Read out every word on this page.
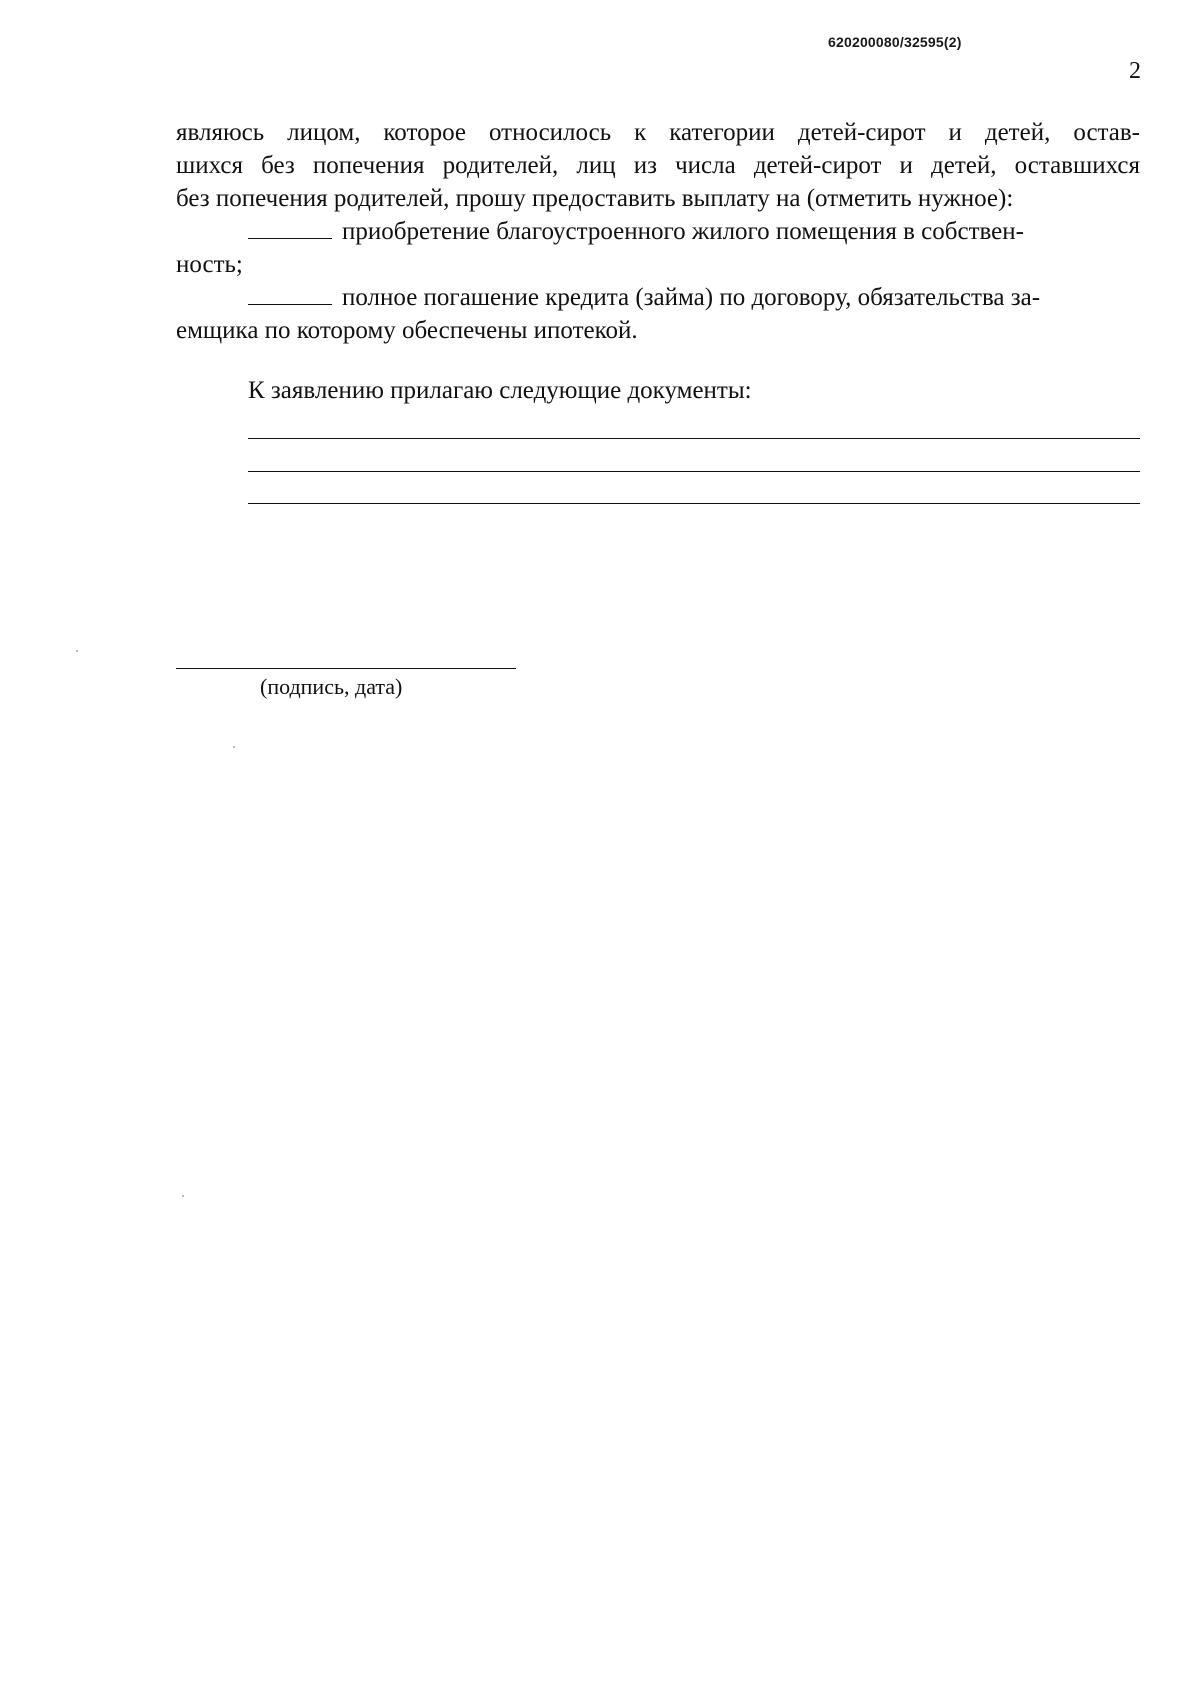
620200080/32595(2)
2
являюсь лицом, которое относилось к категории детей-сирот и детей, остав-
шихся без попечения родителей, лиц из числа детей-сирот и детей, оставшихся
без попечения родителей, прошу предоставить выплату на (отметить нужное):
приобретение благоустроенного жилого помещения в собствен-
ность;
полное погашение кредита (займа) по договору, обязательства за-
емщика по которому обеспечены ипотекой.
К заявлению прилагаю следующие документы:
(подпись, дата)
